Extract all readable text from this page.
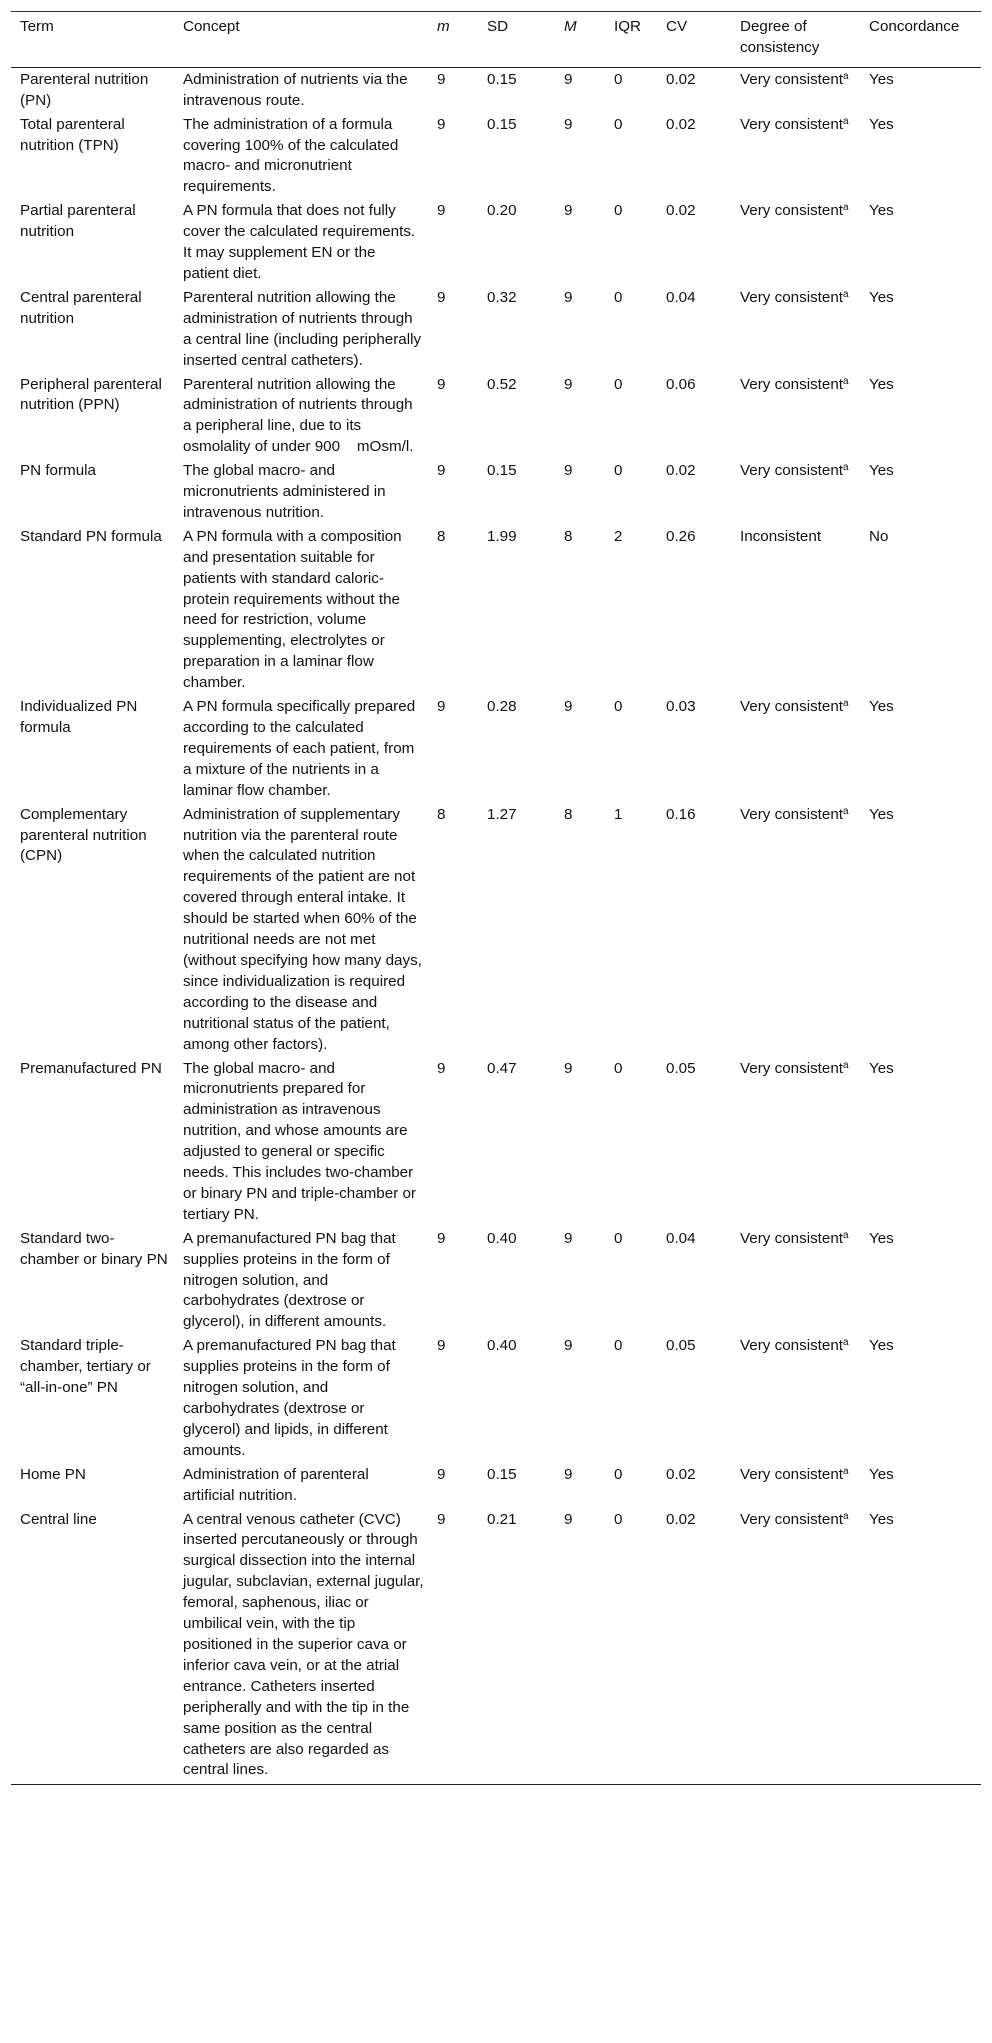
Term	Concept	m	SD	M	IQR	CV	Degree of consistency	Concordance
Parenteral nutrition (PN)	Administration of nutrients via the intravenous route.	9	0.15	9	0	0.02	Very consistent$^a$	Yes
Total parenteral nutrition (TPN)	The administration of a formula covering 100% of the calculated macro- and micronutrient requirements.	9	0.15	9	0	0.02	Very consistent$^a$	Yes
Partial parenteral nutrition	A PN formula that does not fully cover the calculated requirements. It may supplement EN or the patient diet.	9	0.20	9	0	0.02	Very consistent$^a$	Yes
Central parenteral nutrition	Parenteral nutrition allowing the administration of nutrients through a central line (including peripherally inserted central catheters).	9	0.32	9	0	0.04	Very consistent$^a$	Yes
Peripheral parenteral nutrition (PPN)	Parenteral nutrition allowing the administration of nutrients through a peripheral line, due to its osmolality of under 900    mOsm/l.	9	0.52	9	0	0.06	Very consistent$^a$	Yes
PN formula	The global macro- and micronutrients administered in intravenous nutrition.	9	0.15	9	0	0.02	Very consistent$^a$	Yes
Standard PN formula	A PN formula with a composition and presentation suitable for patients with standard caloric-protein requirements without the need for restriction, volume supplementing, electrolytes or preparation in a laminar flow chamber.	8	1.99	8	2	0.26	Inconsistent	No
Individualized PN formula	A PN formula specifically prepared according to the calculated requirements of each patient, from a mixture of the nutrients in a laminar flow chamber.	9	0.28	9	0	0.03	Very consistent$^a$	Yes
Complementary parenteral nutrition (CPN)	Administration of supplementary nutrition via the parenteral route when the calculated nutrition requirements of the patient are not covered through enteral intake. It should be started when 60% of the nutritional needs are not met (without specifying how many days, since individualization is required according to the disease and nutritional status of the patient, among other factors).	8	1.27	8	1	0.16	Very consistent$^a$	Yes
Premanufactured PN	The global macro- and micronutrients prepared for administration as intravenous nutrition, and whose amounts are adjusted to general or specific needs. This includes two-chamber or binary PN and triple-chamber or tertiary PN.	9	0.47	9	0	0.05	Very consistent$^a$	Yes
Standard two-chamber or binary PN	A premanufactured PN bag that supplies proteins in the form of nitrogen solution, and carbohydrates (dextrose or glycerol), in different amounts.	9	0.40	9	0	0.04	Very consistent$^a$	Yes
Standard triple-chamber, tertiary or “all-in-one” PN	A premanufactured PN bag that supplies proteins in the form of nitrogen solution, and carbohydrates (dextrose or glycerol) and lipids, in different amounts.	9	0.40	9	0	0.05	Very consistent$^a$	Yes
Home PN	Administration of parenteral artificial nutrition.	9	0.15	9	0	0.02	Very consistent$^a$	Yes
Central line	A central venous catheter (CVC) inserted percutaneously or through surgical dissection into the internal jugular, subclavian, external jugular, femoral, saphenous, iliac or umbilical vein, with the tip positioned in the superior cava or inferior cava vein, or at the atrial entrance. Catheters inserted peripherally and with the tip in the same position as the central catheters are also regarded as central lines.	9	0.21	9	0	0.02	Very consistent$^a$	Yes
